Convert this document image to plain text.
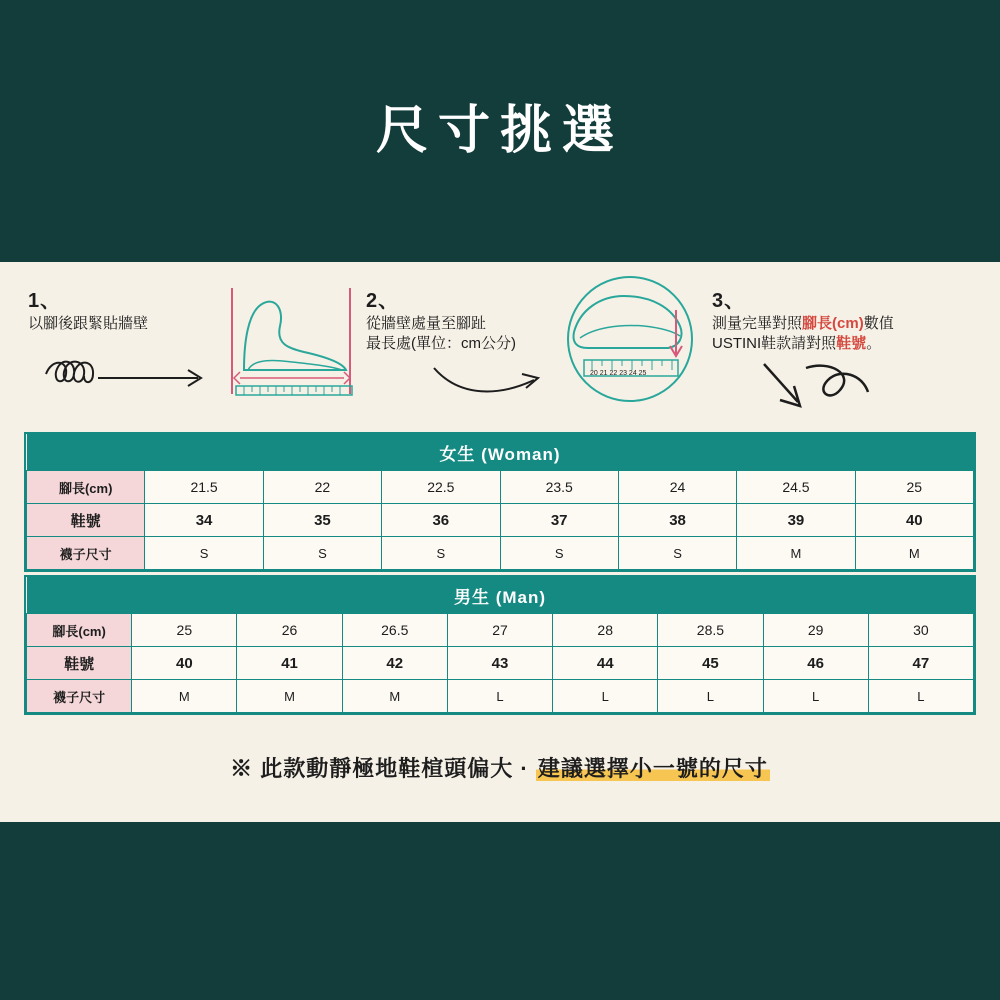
尺寸挑選
1、
以腳後跟緊貼牆壁
2、
從牆壁處量至腳趾
最長處(單位：cm公分)
20 21 22 23 24 25
3、
測量完畢對照腳長(cm)數值
USTINI鞋款請對照鞋號。
女生 (Woman)							
腳長(cm)	21.5	22	22.5	23.5	24	24.5	25
鞋號	34	35	36	37	38	39	40
襪子尺寸	S	S	S	S	S	M	M
男生 (Man)								
腳長(cm)	25	26	26.5	27	28	28.5	29	30
鞋號	40	41	42	43	44	45	46	47
襪子尺寸	M	M	M	L	L	L	L	L
※ 此款動靜極地鞋楦頭偏大 · 建議選擇小一號的尺寸
